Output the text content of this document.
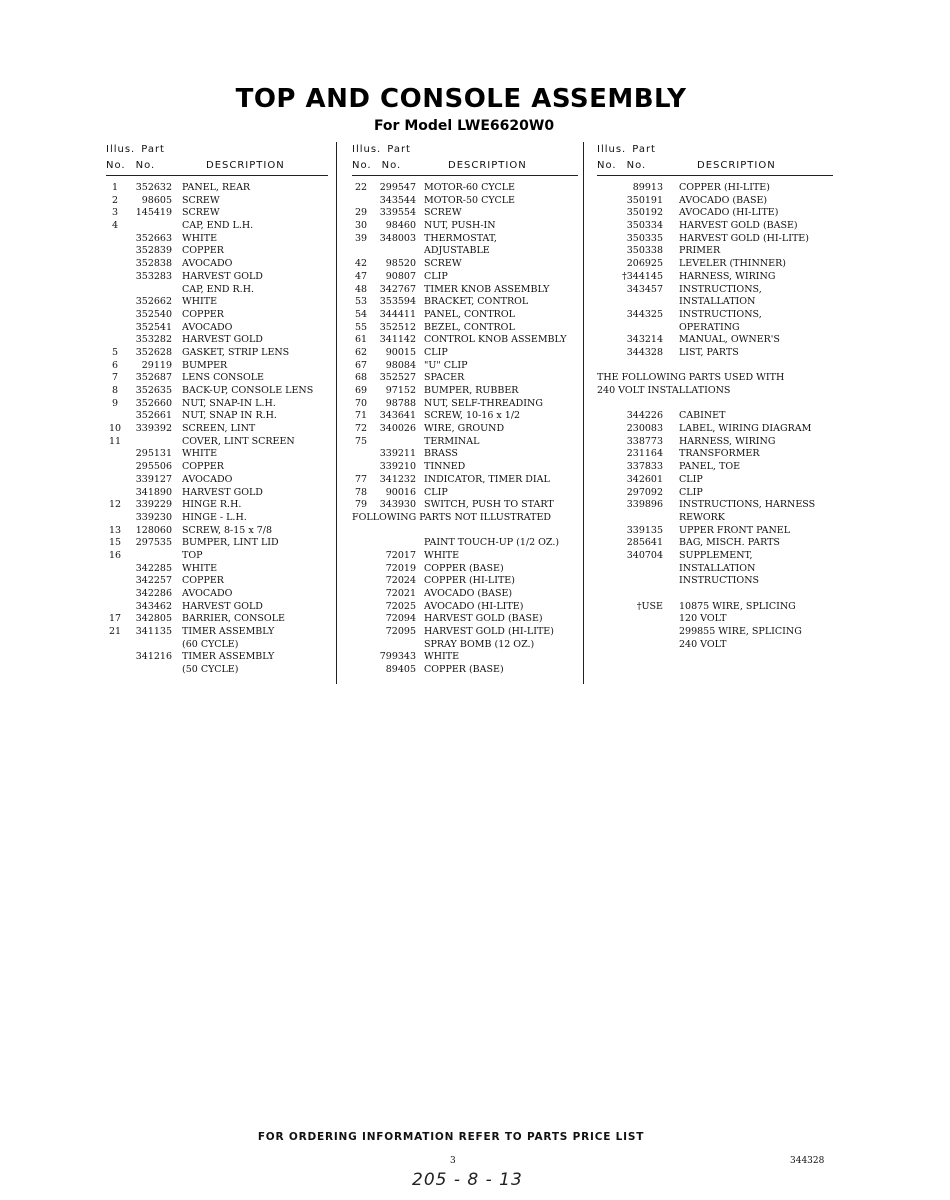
TOP AND CONSOLE ASSEMBLY
For Model LWE6620W0
Illus. Part
No. No.	DESCRIPTION
1	352632 PANEL, REAR
2	98605 SCREW
3	145419 SCREW
4	CAP, END L.H.
352663 WHITE
352839 COPPER
352838 AVOCADO
353283 HARVEST GOLD
CAP, END R.H.
352662 WHITE
352540 COPPER
352541 AVOCADO
353282 HARVEST GOLD
5	352628 GASKET, STRIP LENS
6	29119 BUMPER
7	352687 LENS CONSOLE
8	352635 BACK-UP, CONSOLE LENS
9	352660 NUT, SNAP-IN L.H.
352661 NUT, SNAP IN R.H.
10	339392 SCREEN, LINT
11	COVER, LINT SCREEN
295131 WHITE
295506 COPPER
339127 AVOCADO
341890 HARVEST GOLD
12	339229 HINGE R.H.
339230 HINGE - L.H.
13	128060 SCREW, 8-15 x 7/8
15	297535 BUMPER, LINT LID
16	TOP
342285 WHITE
342257 COPPER
342286 AVOCADO
343462 HARVEST GOLD
17	342805 BARRIER, CONSOLE
21	341135 TIMER ASSEMBLY
(60 CYCLE)
341216 TIMER ASSEMBLY
(50 CYCLE)
Illus. Part
No. No.	DESCRIPTION
22	299547 MOTOR-60 CYCLE
343544 MOTOR-50 CYCLE
29	339554 SCREW
30	98460 NUT, PUSH-IN
39	348003 THERMOSTAT,
ADJUSTABLE
42	98520 SCREW
47	90807 CLIP
48	342767 TIMER KNOB ASSEMBLY
53	353594 BRACKET, CONTROL
54	344411 PANEL, CONTROL
55	352512 BEZEL, CONTROL
61	341142 CONTROL KNOB ASSEMBLY
62	90015 CLIP
67	98084 "U" CLIP
68	352527 SPACER
69	97152 BUMPER, RUBBER
70	98788 NUT, SELF-THREADING
71	343641 SCREW, 10-16 x 1/2
72	340026 WIRE, GROUND
75	TERMINAL
339211 BRASS
339210 TINNED
77	341232 INDICATOR, TIMER DIAL
78	90016 CLIP
79	343930 SWITCH, PUSH TO START
FOLLOWING PARTS NOT ILLUSTRATED
PAINT TOUCH-UP (1/2 OZ.)
72017 WHITE
72019 COPPER (BASE)
72024 COPPER (HI-LITE)
72021 AVOCADO (BASE)
72025 AVOCADO (HI-LITE)
72094 HARVEST GOLD (BASE)
72095 HARVEST GOLD (HI-LITE)
SPRAY BOMB (12 OZ.)
799343 WHITE
89405 COPPER (BASE)
Illus. Part
No. No.	DESCRIPTION
89913 COPPER (HI-LITE)
350191 AVOCADO (BASE)
350192 AVOCADO (HI-LITE)
350334 HARVEST GOLD (BASE)
350335 HARVEST GOLD (HI-LITE)
350338 PRIMER
206925 LEVELER (THINNER)
†344145 HARNESS, WIRING
343457 INSTRUCTIONS,
INSTALLATION
344325 INSTRUCTIONS,
OPERATING
343214 MANUAL, OWNER'S
344328 LIST, PARTS
THE FOLLOWING PARTS USED WITH
240 VOLT INSTALLATIONS
344226 CABINET
230083 LABEL, WIRING DIAGRAM
338773 HARNESS, WIRING
231164 TRANSFORMER
337833 PANEL, TOE
342601 CLIP
297092 CLIP
339896 INSTRUCTIONS, HARNESS
REWORK
339135 UPPER FRONT PANEL
285641 BAG, MISCH. PARTS
340704 SUPPLEMENT,
INSTALLATION
INSTRUCTIONS
†USE 10875 WIRE, SPLICING
120 VOLT
299855 WIRE, SPLICING
240 VOLT
FOR ORDERING INFORMATION REFER TO PARTS PRICE LIST
3	344328
205 - 8 - 13
